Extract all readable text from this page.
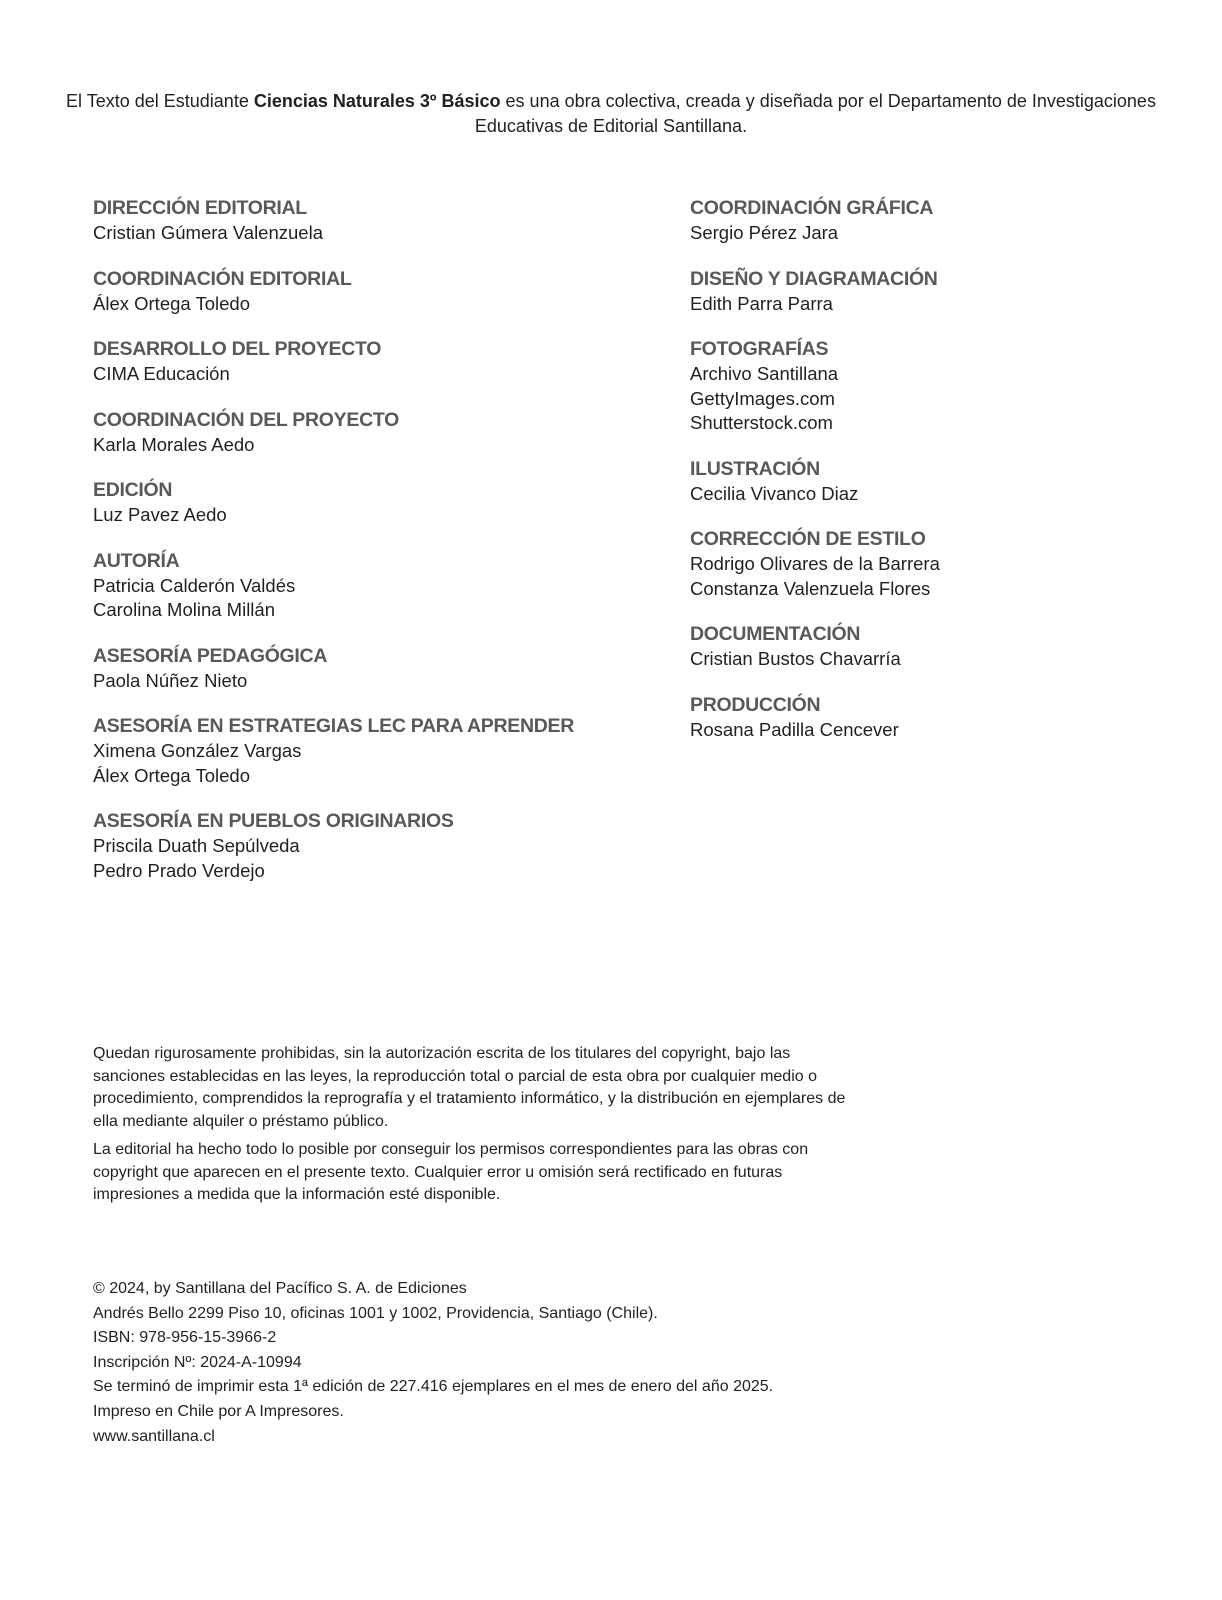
El Texto del Estudiante Ciencias Naturales 3º Básico es una obra colectiva, creada y diseñada por el Departamento de Investigaciones Educativas de Editorial Santillana.
DIRECCIÓN EDITORIAL
Cristian Gúmera Valenzuela
COORDINACIÓN EDITORIAL
Álex Ortega Toledo
DESARROLLO DEL PROYECTO
CIMA Educación
COORDINACIÓN DEL PROYECTO
Karla Morales Aedo
EDICIÓN
Luz Pavez Aedo
AUTORÍA
Patricia Calderón Valdés
Carolina Molina Millán
ASESORÍA PEDAGÓGICA
Paola Núñez Nieto
ASESORÍA EN ESTRATEGIAS LEC PARA APRENDER
Ximena González Vargas
Álex Ortega Toledo
ASESORÍA EN PUEBLOS ORIGINARIOS
Priscila Duath Sepúlveda
Pedro Prado Verdejo
COORDINACIÓN GRÁFICA
Sergio Pérez Jara
DISEÑO Y DIAGRAMACIÓN
Edith Parra Parra
FOTOGRAFÍAS
Archivo Santillana
GettyImages.com
Shutterstock.com
ILUSTRACIÓN
Cecilia Vivanco Diaz
CORRECCIÓN DE ESTILO
Rodrigo Olivares de la Barrera
Constanza Valenzuela Flores
DOCUMENTACIÓN
Cristian Bustos Chavarría
PRODUCCIÓN
Rosana Padilla Cencever

Quedan rigurosamente prohibidas, sin la autorización escrita de los titulares del copyright, bajo las sanciones establecidas en las leyes, la reproducción total o parcial de esta obra por cualquier medio o procedimiento, comprendidos la reprografía y el tratamiento informático, y la distribución en ejemplares de ella mediante alquiler o préstamo público.

La editorial ha hecho todo lo posible por conseguir los permisos correspondientes para las obras con copyright que aparecen en el presente texto. Cualquier error u omisión será rectificado en futuras impresiones a medida que la información esté disponible.

© 2024, by Santillana del Pacífico S. A. de Ediciones
Andrés Bello 2299 Piso 10, oficinas 1001 y 1002, Providencia, Santiago (Chile).
ISBN: 978-956-15-3966-2
Inscripción Nº: 2024-A-10994
Se terminó de imprimir esta 1ª edición de 227.416 ejemplares en el mes de enero del año 2025.
Impreso en Chile por A Impresores.
www.santillana.cl
